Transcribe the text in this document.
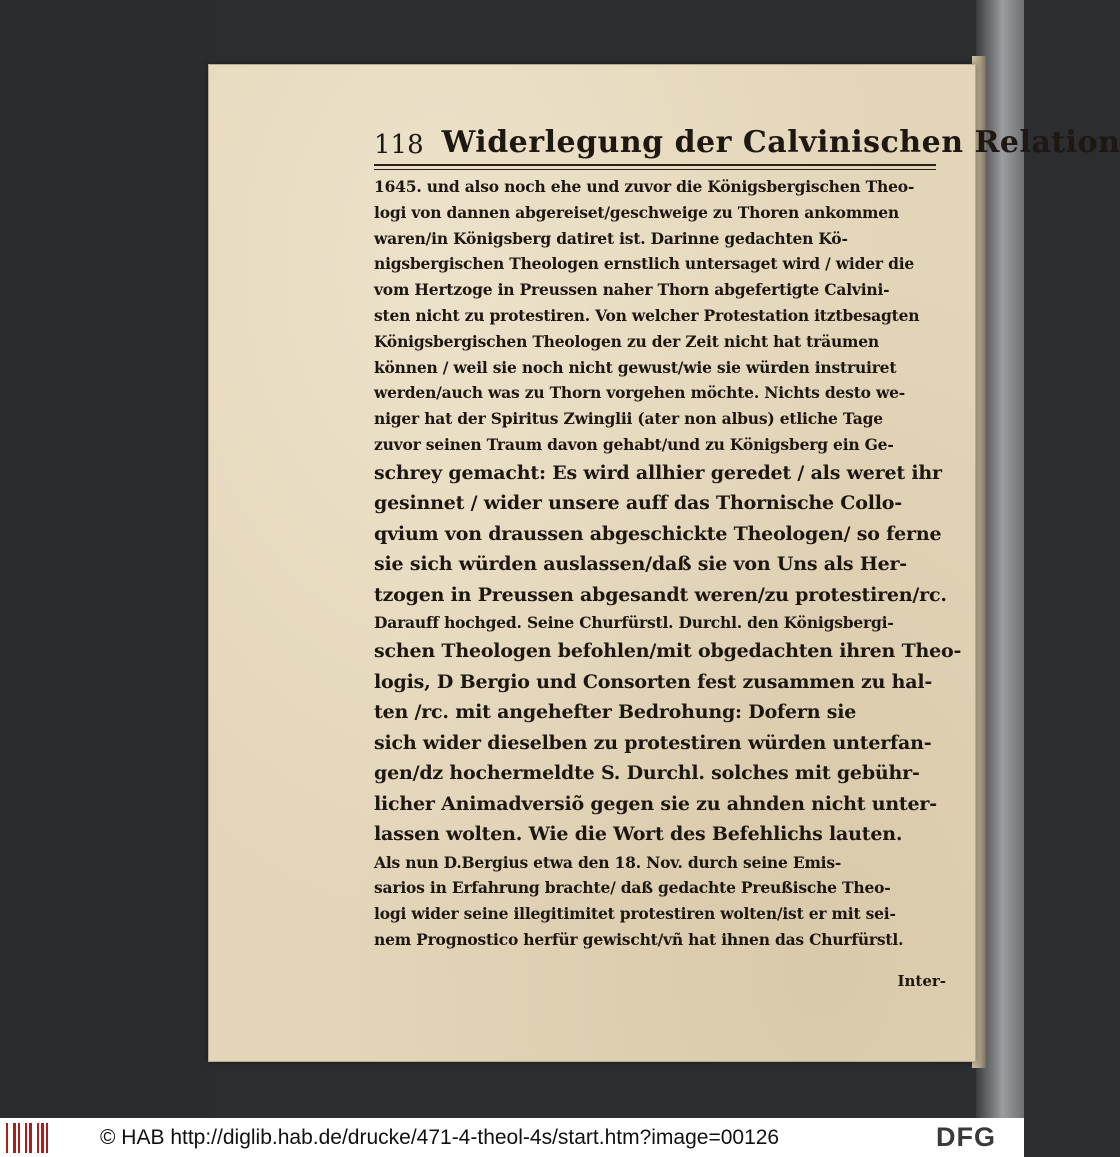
118 Widerlegung der Calvinischen Relation
1645. und also noch ehe und zuvor die Königsbergischen Theo-
logi von dannen abgereiset/geschweige zu Thoren ankommen
waren/in Königsberg datiret ist. Darinne gedachten Kö-
nigsbergischen Theologen ernstlich untersaget wird / wider die
vom Hertzoge in Preussen naher Thorn abgefertigte Calvini-
sten nicht zu protestiren. Von welcher Protestation itztbesagten
Königsbergischen Theologen zu der Zeit nicht hat träumen
können / weil sie noch nicht gewust/wie sie würden instruiret
werden/auch was zu Thorn vorgehen möchte. Nichts desto we-
niger hat der Spiritus Zwinglii (ater non albus) etliche Tage
zuvor seinen Traum davon gehabt/und zu Königsberg ein Ge-
schrey gemacht: Es wird allhier geredet / als weret ihr
gesinnet / wider unsere auff das Thornische Collo-
qvium von draussen abgeschickte Theologen/ so ferne
sie sich würden auslassen/daß sie von Uns als Her-
tzogen in Preussen abgesandt weren/zu protestiren/rc.
Darauff hochged. Seine Churfürstl. Durchl. den Königsbergi-
schen Theologen befohlen/mit obgedachten ihren Theo-
logis, D Bergio und Consorten fest zusammen zu hal-
ten /rc. mit angehefter Bedrohung: Dofern sie
sich wider dieselben zu protestiren würden unterfan-
gen/dz hochermeldte S. Durchl. solches mit gebühr-
licher Animadversiõ gegen sie zu ahnden nicht unter-
lassen wolten. Wie die Wort des Befehlichs lauten.
Als nun D.Bergius etwa den 18. Nov. durch seine Emis-
sarios in Erfahrung brachte/ daß gedachte Preußische Theo-
logi wider seine illegitimitet protestiren wolten/ist er mit sei-
nem Prognostico herfür gewischt/vñ hat ihnen das Churfürstl.
Inter-
© HAB http://diglib.hab.de/drucke/471-4-theol-4s/start.htm?image=00126	DFG
